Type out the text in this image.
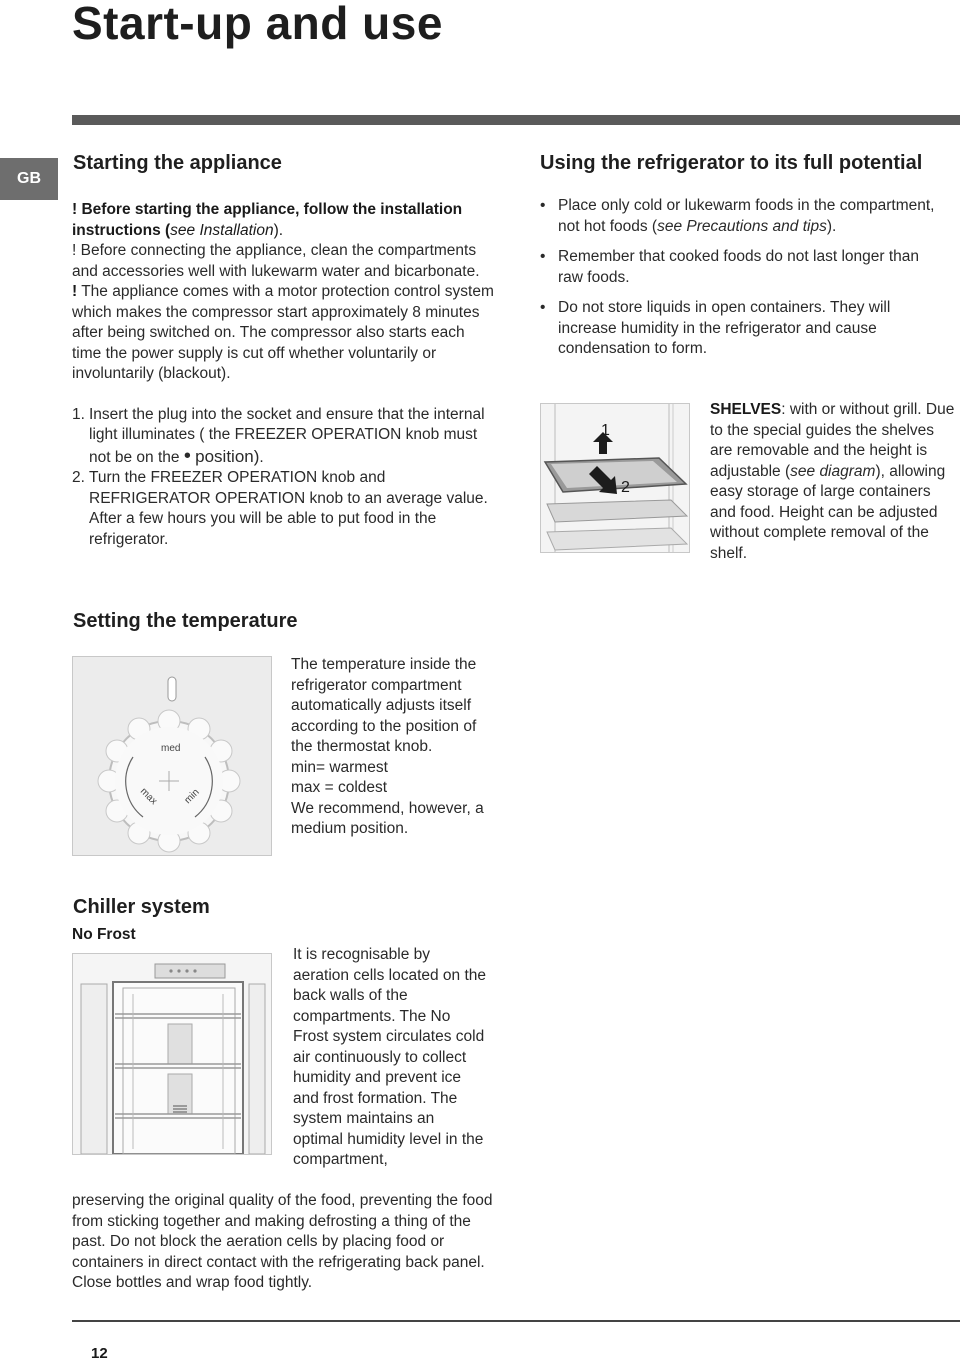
Start-up and use
GB
Starting the appliance

! Before starting the appliance, follow the installation instructions (see Installation).

! Before connecting the appliance, clean the compartments and accessories well with lukewarm water and bicarbonate.

! The appliance comes with a motor protection control system which makes the compressor start approximately 8 minutes after being switched on. The compressor also starts each time the power supply is cut off whether voluntarily or involuntarily (blackout).

1. Insert the plug into the socket and ensure that the internal light illuminates ( the FREEZER OPERATION knob must not be on the • position).
2. Turn the FREEZER OPERATION knob and REFRIGERATOR OPERATION knob to an average value. After a few hours you will be able to put food in the refrigerator.
Using the refrigerator to its full potential
• Place only cold or lukewarm foods in the compartment, not hot foods (see Precautions and tips).
• Remember that cooked foods do not last longer than raw foods.
• Do not store liquids in open containers. They will increase humidity in the refrigerator and cause condensation to form.
1
2

SHELVES: with or without grill. Due to the special guides the shelves are removable and the height is adjustable (see diagram), allowing easy storage of large containers and food. Height can be adjusted without complete removal of the shelf.

Setting the temperature
med
max min

The temperature inside the refrigerator compartment automatically adjusts itself according to the position of the thermostat knob.

min= warmest

max = coldest

We recommend, however, a medium position.

Chiller system
No Frost
It is recognisable by aeration cells located on the back walls of the compartments. The No Frost system circulates cold air continuously to collect humidity and prevent ice and frost formation. The system maintains an optimal humidity level in the compartment,
preserving the original quality of the food, preventing the food from sticking together and making defrosting a thing of the past. Do not block the aeration cells by placing food or containers in direct contact with the refrigerating back panel. Close bottles and wrap food tightly.
12
